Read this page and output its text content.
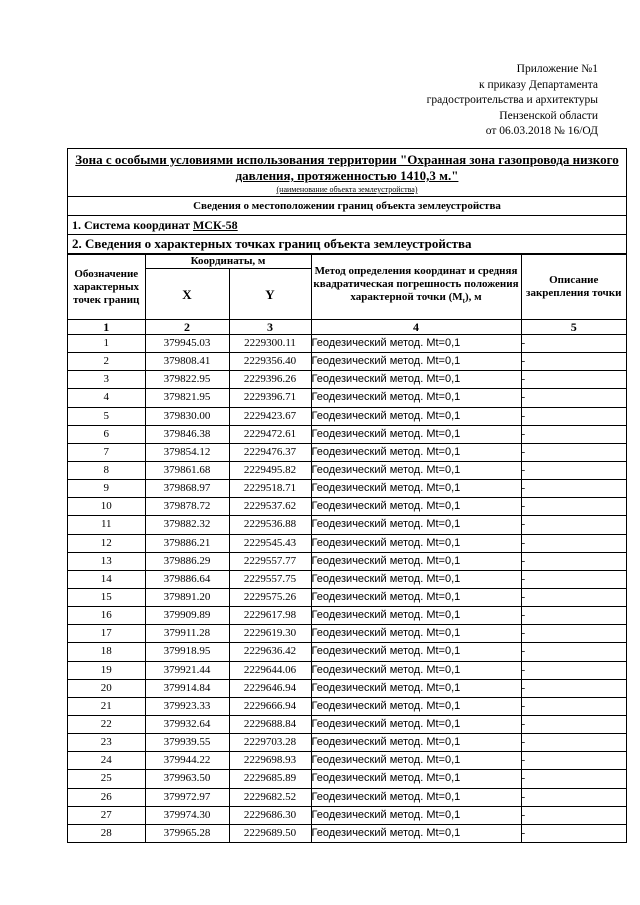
Приложение №1
к приказу Департамента
градостроительства и архитектуры
Пензенской области
от 06.03.2018 № 16/ОД
Зона с особыми условиями использования территории "Охранная зона газопровода низкого давления, протяженностью 1410,3 м."
(наименование объекта землеустройства)
Сведения о местоположении границ объекта землеустройства
1. Система координат МСК-58
2. Сведения о характерных точках границ объекта землеустройства
Обозначение характерных точек границ	Координаты, м		Метод определения координат и средняя квадратическая погрешность положения характерной точки $(M_t)$, м	Описание закрепления точки
	X	Y		
1	2	3	4	5
1	379945.03	2229300.11	Геодезический метод. Mt=0,1	-
2	379808.41	2229356.40	Геодезический метод. Mt=0,1	-
3	379822.95	2229396.26	Геодезический метод. Mt=0,1	-
4	379821.95	2229396.71	Геодезический метод. Mt=0,1	-
5	379830.00	2229423.67	Геодезический метод. Mt=0,1	-
6	379846.38	2229472.61	Геодезический метод. Mt=0,1	-
7	379854.12	2229476.37	Геодезический метод. Mt=0,1	-
8	379861.68	2229495.82	Геодезический метод. Mt=0,1	-
9	379868.97	2229518.71	Геодезический метод. Mt=0,1	-
10	379878.72	2229537.62	Геодезический метод. Mt=0,1	-
11	379882.32	2229536.88	Геодезический метод. Mt=0,1	-
12	379886.21	2229545.43	Геодезический метод. Mt=0,1	-
13	379886.29	2229557.77	Геодезический метод. Mt=0,1	-
14	379886.64	2229557.75	Геодезический метод. Mt=0,1	-
15	379891.20	2229575.26	Геодезический метод. Mt=0,1	-
16	379909.89	2229617.98	Геодезический метод. Mt=0,1	-
17	379911.28	2229619.30	Геодезический метод. Mt=0,1	-
18	379918.95	2229636.42	Геодезический метод. Mt=0,1	-
19	379921.44	2229644.06	Геодезический метод. Mt=0,1	-
20	379914.84	2229646.94	Геодезический метод. Mt=0,1	-
21	379923.33	2229666.94	Геодезический метод. Mt=0,1	-
22	379932.64	2229688.84	Геодезический метод. Mt=0,1	-
23	379939.55	2229703.28	Геодезический метод. Mt=0,1	-
24	379944.22	2229698.93	Геодезический метод. Mt=0,1	-
25	379963.50	2229685.89	Геодезический метод. Mt=0,1	-
26	379972.97	2229682.52	Геодезический метод. Mt=0,1	-
27	379974.30	2229686.30	Геодезический метод. Mt=0,1	-
28	379965.28	2229689.50	Геодезический метод. Mt=0,1	-
